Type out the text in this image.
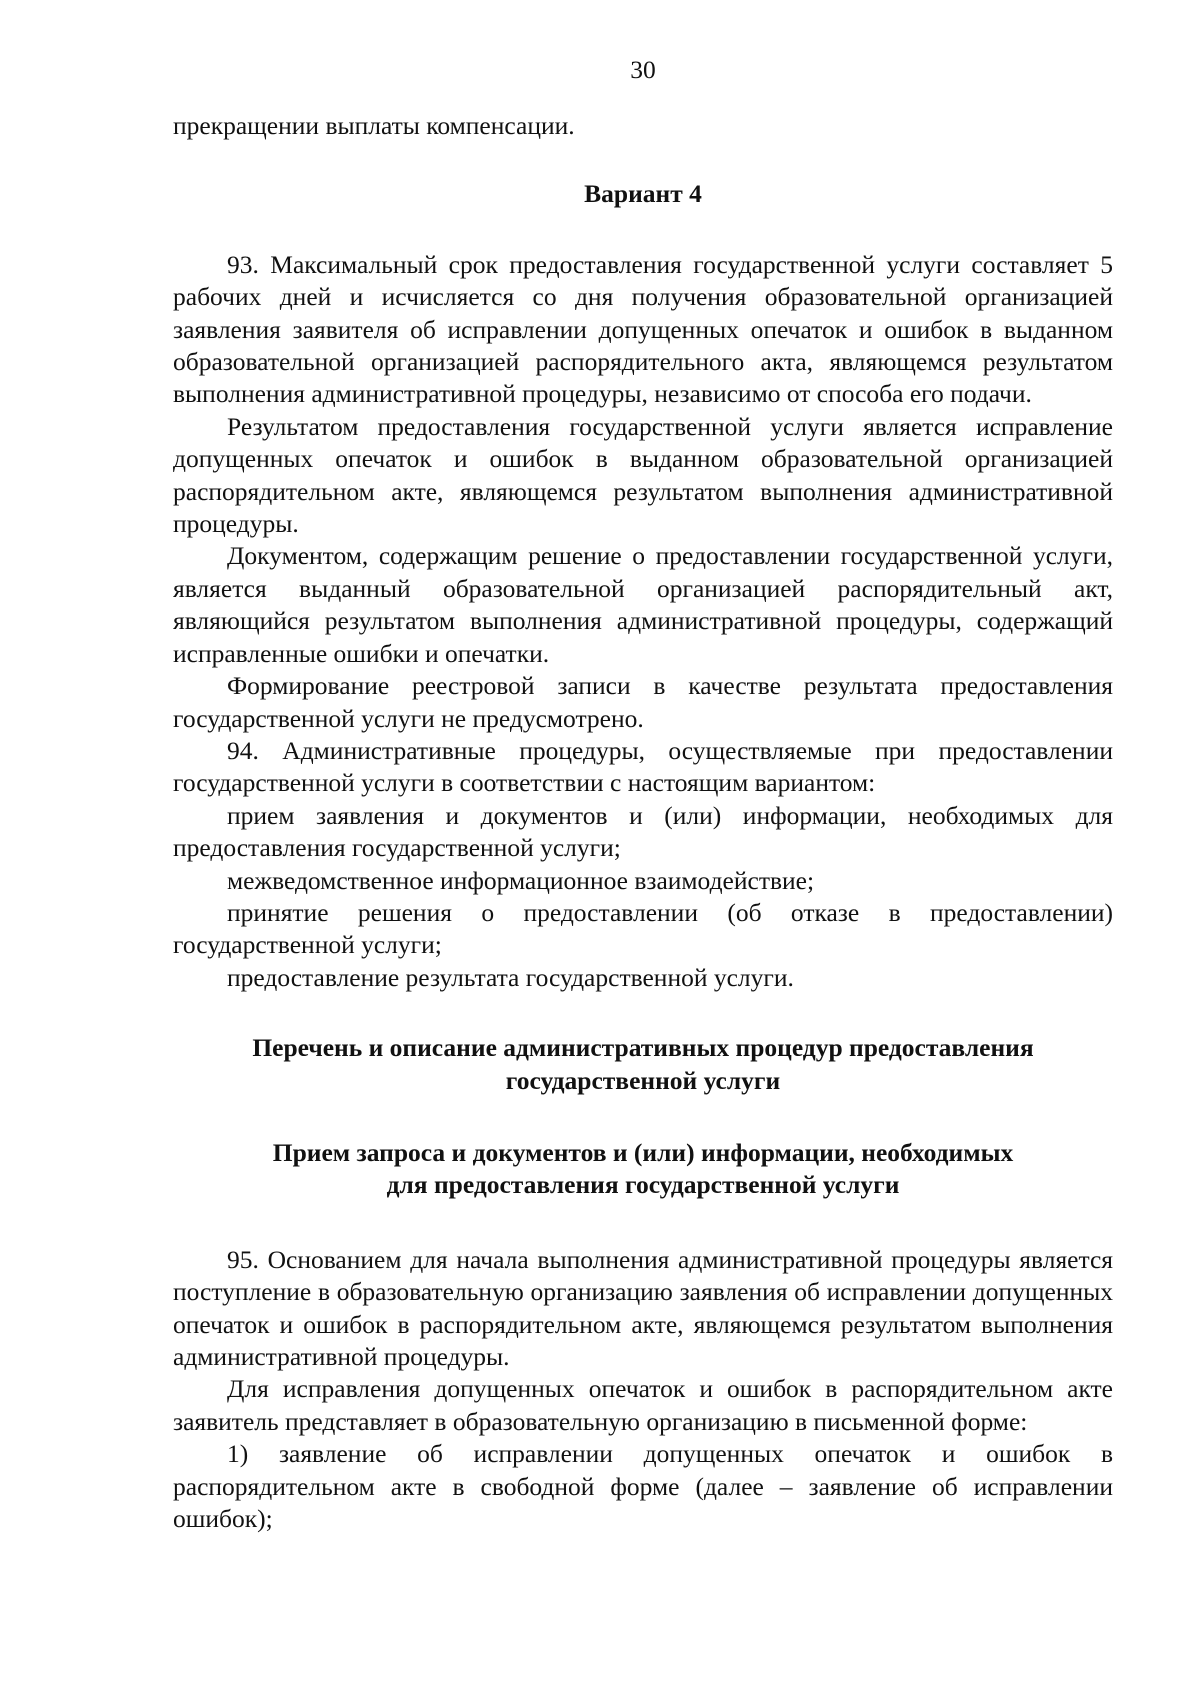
30

прекращении выплаты компенсации.

Вариант 4

93. Максимальный срок предоставления государственной услуги составляет 5 рабочих дней и исчисляется со дня получения образовательной организацией заявления заявителя об исправлении допущенных опечаток и ошибок в выданном образовательной организацией распорядительного акта, являющемся результатом выполнения административной процедуры, независимо от способа его подачи.

Результатом предоставления государственной услуги является исправление допущенных опечаток и ошибок в выданном образовательной организацией распорядительном акте, являющемся результатом выполнения административной процедуры.

Документом, содержащим решение о предоставлении государственной услуги, является выданный образовательной организацией распорядительный акт, являющийся результатом выполнения административной процедуры, содержащий исправленные ошибки и опечатки.

Формирование реестровой записи в качестве результата предоставления государственной услуги не предусмотрено.

94. Административные процедуры, осуществляемые при предоставлении государственной услуги в соответствии с настоящим вариантом:

прием заявления и документов и (или) информации, необходимых для предоставления государственной услуги;

межведомственное информационное взаимодействие;

принятие решения о предоставлении (об отказе в предоставлении) государственной услуги;

предоставление результата государственной услуги.

Перечень и описание административных процедур предоставления
государственной услуги
Прием запроса и документов и (или) информации, необходимых
для предоставления государственной услуги

95. Основанием для начала выполнения административной процедуры является поступление в образовательную организацию заявления об исправлении допущенных опечаток и ошибок в распорядительном акте, являющемся результатом выполнения административной процедуры.

Для исправления допущенных опечаток и ошибок в распорядительном акте заявитель представляет в образовательную организацию в письменной форме:

1) заявление об исправлении допущенных опечаток и ошибок в распорядительном акте в свободной форме (далее – заявление об исправлении ошибок);
